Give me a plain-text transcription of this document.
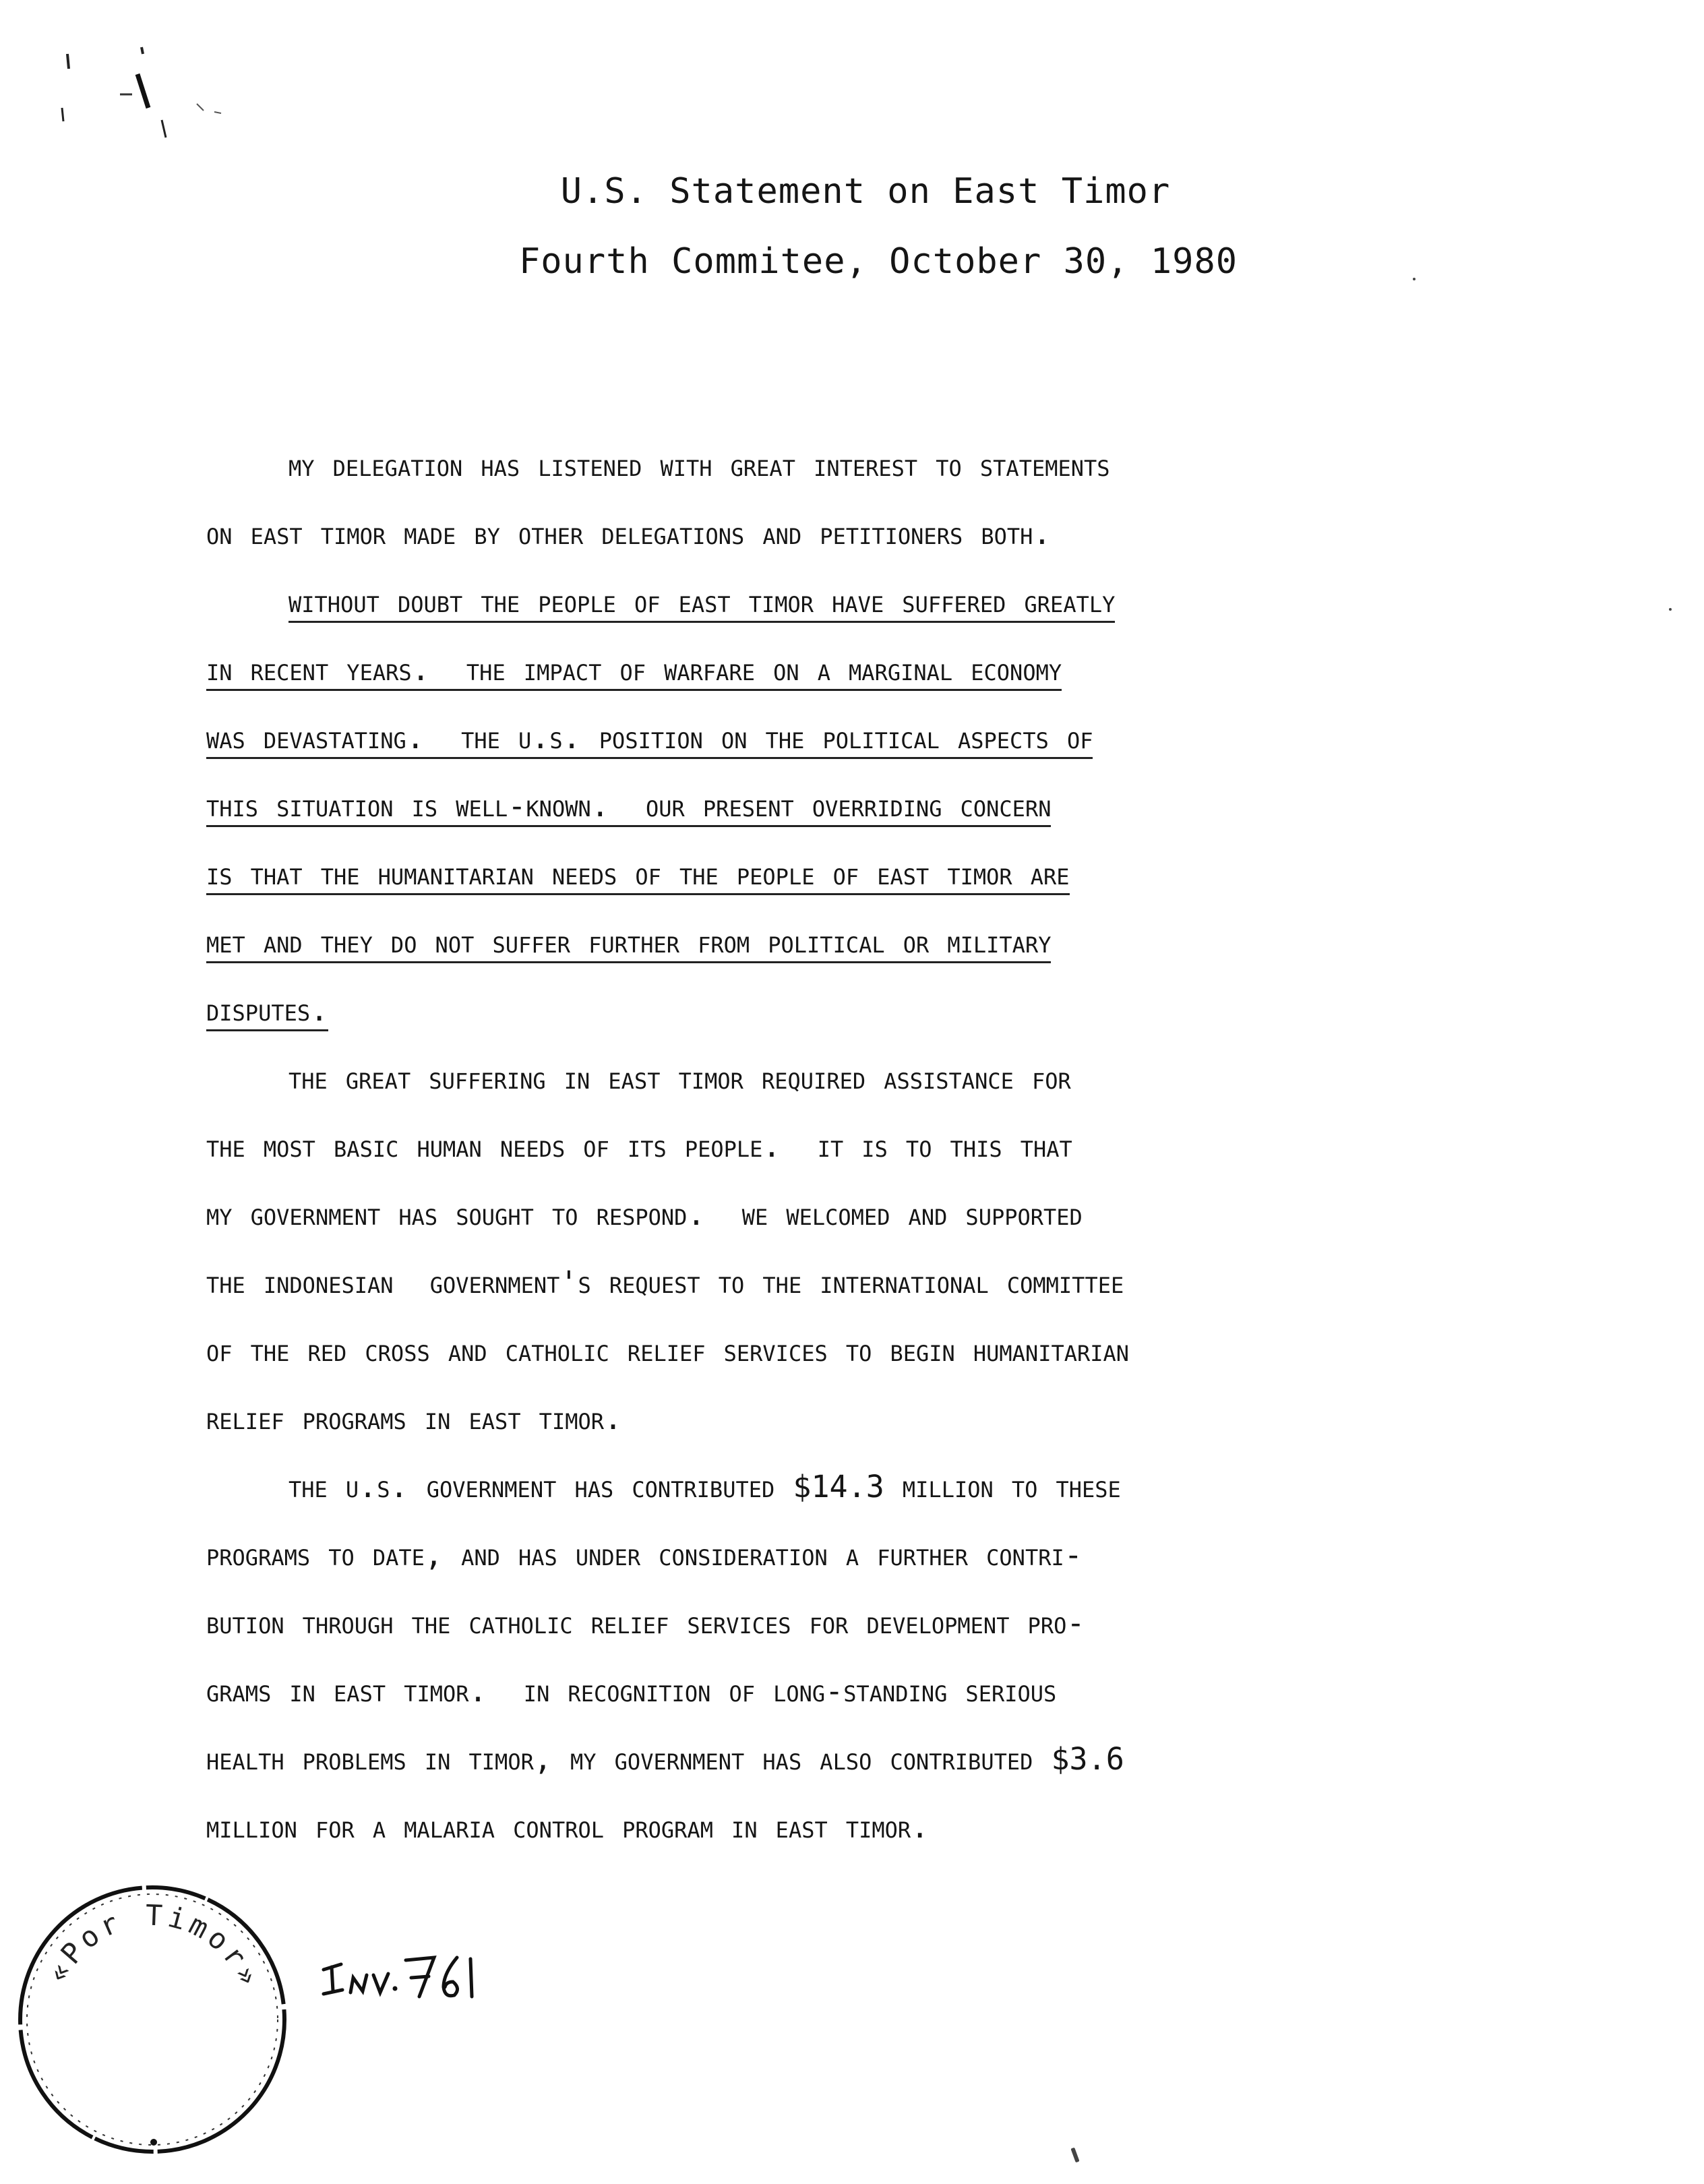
U.S. Statement on East Timor
Fourth Commitee, October 30, 1980

my delegation has listened with great interest to statements
on east timor made by other delegations and petitioners both.

without doubt the people of east timor have suffered greatly
in recent years.  the impact of warfare on a marginal economy
was devastating.  the u.s. position on the political aspects of
this situation is well-known.  our present overriding concern
is that the humanitarian needs of the people of east timor are
met and they do not suffer further from political or military
disputes.

the great suffering in east timor required assistance for
the most basic human needs of its people.  it is to this that
my government has sought to respond.  we welcomed and supported
the indonesian  government's request to the international committee
of the red cross and catholic relief services to begin humanitarian
relief programs in east timor.

the u.s. government has contributed $14.3 million to these
programs to date, and has under consideration a further contri-
bution through the catholic relief services for development pro-
grams in east timor.  in recognition of long-standing serious
health problems in timor, my government has also contributed $3.6
million for a malaria control program in east timor.

«Por Timor»
